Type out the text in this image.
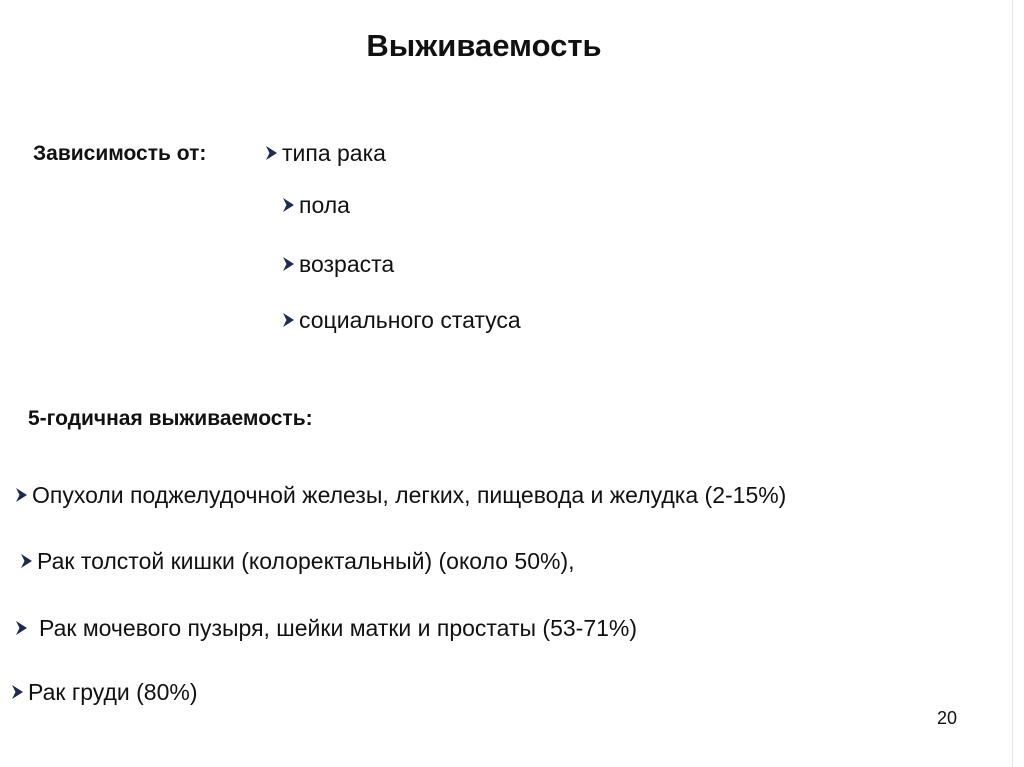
Выживаемость
Зависимость от:	типа рака
пола
возраста
социального статуса
5-годичная выживаемость:
Опухоли поджелудочной железы, легких, пищевода и желудка (2-15%)
Рак толстой кишки (колоректальный) (около 50%),
Рак мочевого пузыря, шейки матки и простаты (53-71%)
Рак груди (80%)
20
